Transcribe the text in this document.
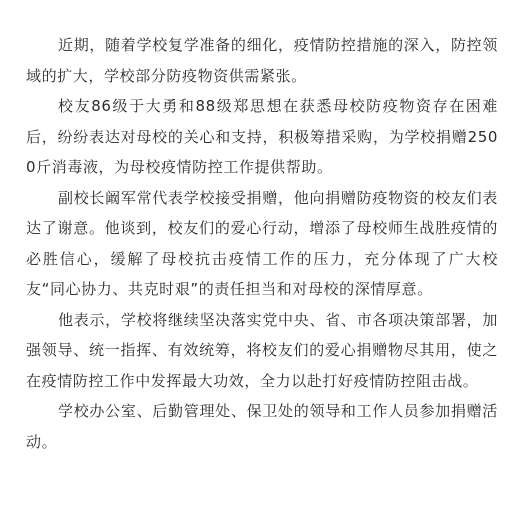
近期，随着学校复学准备的细化，疫情防控措施的深入，防控领域的扩大，学校部分防疫物资供需紧张。

校友86级于大勇和88级郑思想在获悉母校防疫物资存在困难后，纷纷表达对母校的关心和支持，积极筹措采购，为学校捐赠2500斤消毒液，为母校疫情防控工作提供帮助。

副校长阚军常代表学校接受捐赠，他向捐赠防疫物资的校友们表达了谢意。他谈到，校友们的爱心行动，增添了母校师生战胜疫情的必胜信心，缓解了母校抗击疫情工作的压力，充分体现了广大校友“同心协力、共克时艰”的责任担当和对母校的深情厚意。

他表示，学校将继续坚决落实党中央、省、市各项决策部署，加强领导、统一指挥、有效统筹，将校友们的爱心捐赠物尽其用，使之在疫情防控工作中发挥最大功效，全力以赴打好疫情防控阻击战。

学校办公室、后勤管理处、保卫处的领导和工作人员参加捐赠活动。
